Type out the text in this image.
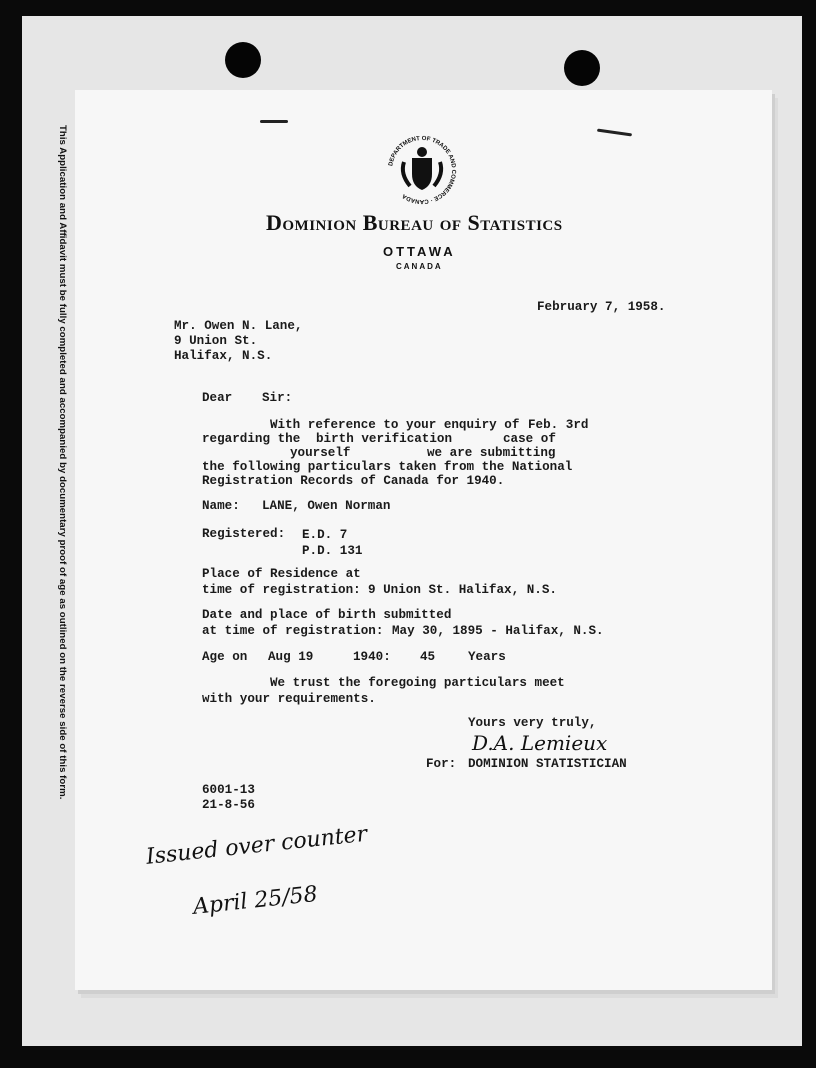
This Application and Affidavit must be fully completed and accompanied by documentary proof of age as outlined on the reverse side of this form.	DEPARTMENT OF TRADE AND COMMERCE · CANADA
Dominion Bureau of Statistics
OTTAWA
CANADA
February 7, 1958.
Mr. Owen N. Lane,
9 Union St.
Halifax, N.S.
Dear Sir:
With reference to your enquiry of Feb. 3rd
regarding the birth verification	case of
yourself	we are submitting
the following particulars taken from the National
Registration Records of Canada for 1940.
Name: LANE, Owen Norman
Registered: E.D. 7
P.D. 131
Place of Residence at
time of registration: 9 Union St. Halifax, N.S.
Date and place of birth submitted
at time of registration: May 30, 1895 - Halifax, N.S.
Age on Aug 19	1940: 45	Years
We trust the foregoing particulars meet
with your requirements.
Yours very truly,
D.A. Lemieux
For: DOMINION STATISTICIAN
6001-13
21-8-56
Issued over counter
April 25/58
